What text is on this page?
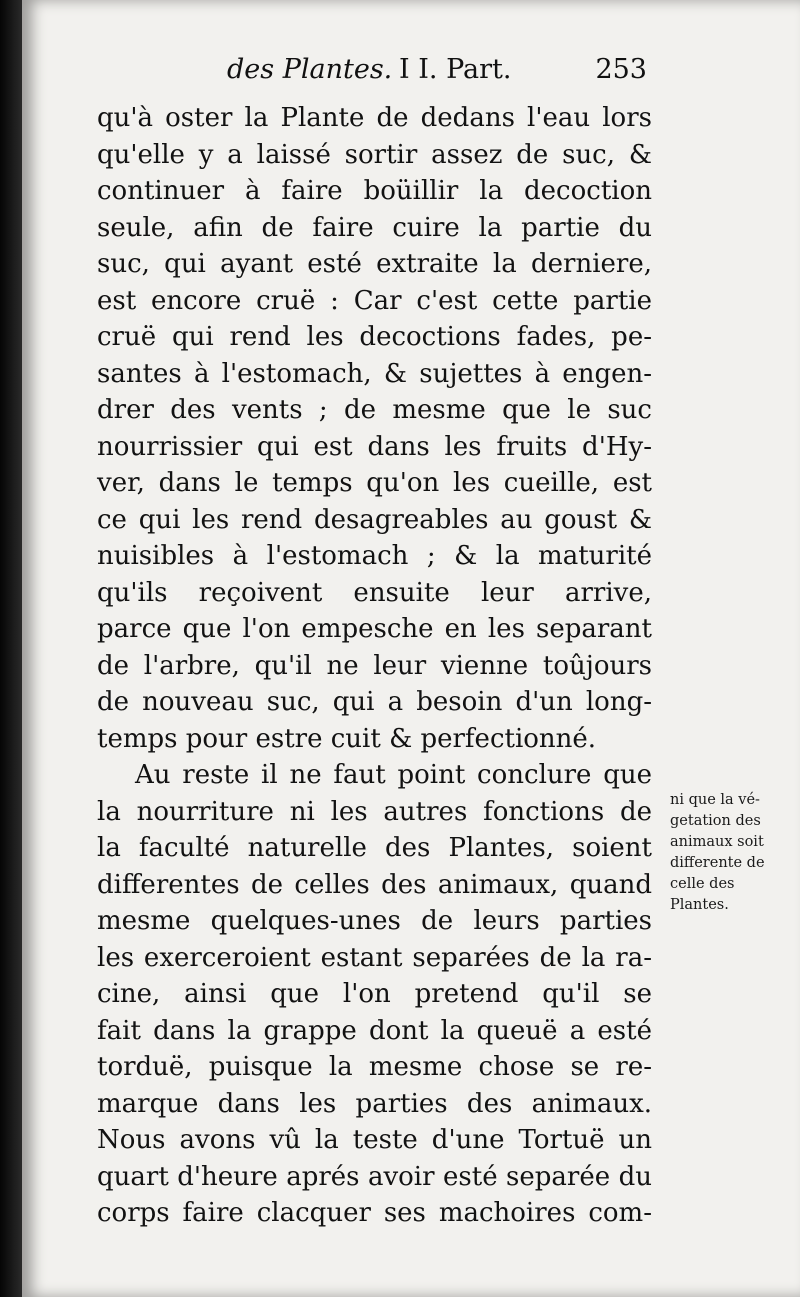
des Plantes. I I. Part.	253
qu'à oster la Plante de dedans l'eau lors
qu'elle y a laissé sortir assez de suc, &
continuer à faire boüillir la decoction
seule, afin de faire cuire la partie du
suc, qui ayant esté extraite la derniere,
est encore cruë : Car c'est cette partie
cruë qui rend les decoctions fades, pe-
santes à l'estomach, & sujettes à engen-
drer des vents ; de mesme que le suc
nourrissier qui est dans les fruits d'Hy-
ver, dans le temps qu'on les cueille, est
ce qui les rend desagreables au goust &
nuisibles à l'estomach ; & la maturité
qu'ils reçoivent ensuite leur arrive,
parce que l'on empesche en les separant
de l'arbre, qu'il ne leur vienne toûjours
de nouveau suc, qui a besoin d'un long-
temps pour estre cuit & perfectionné.
Au reste il ne faut point conclure que
la nourriture ni les autres fonctions de
la faculté naturelle des Plantes, soient
differentes de celles des animaux, quand
mesme quelques-unes de leurs parties
les exerceroient estant separées de la ra-
cine, ainsi que l'on pretend qu'il se
fait dans la grappe dont la queuë a esté
torduë, puisque la mesme chose se re-
marque dans les parties des animaux.
Nous avons vû la teste d'une Tortuë un
quart d'heure aprés avoir esté separée du
corps faire clacquer ses machoires com-
ni que la vé-
getation des
animaux soit
differente de
celle des
Plantes.
